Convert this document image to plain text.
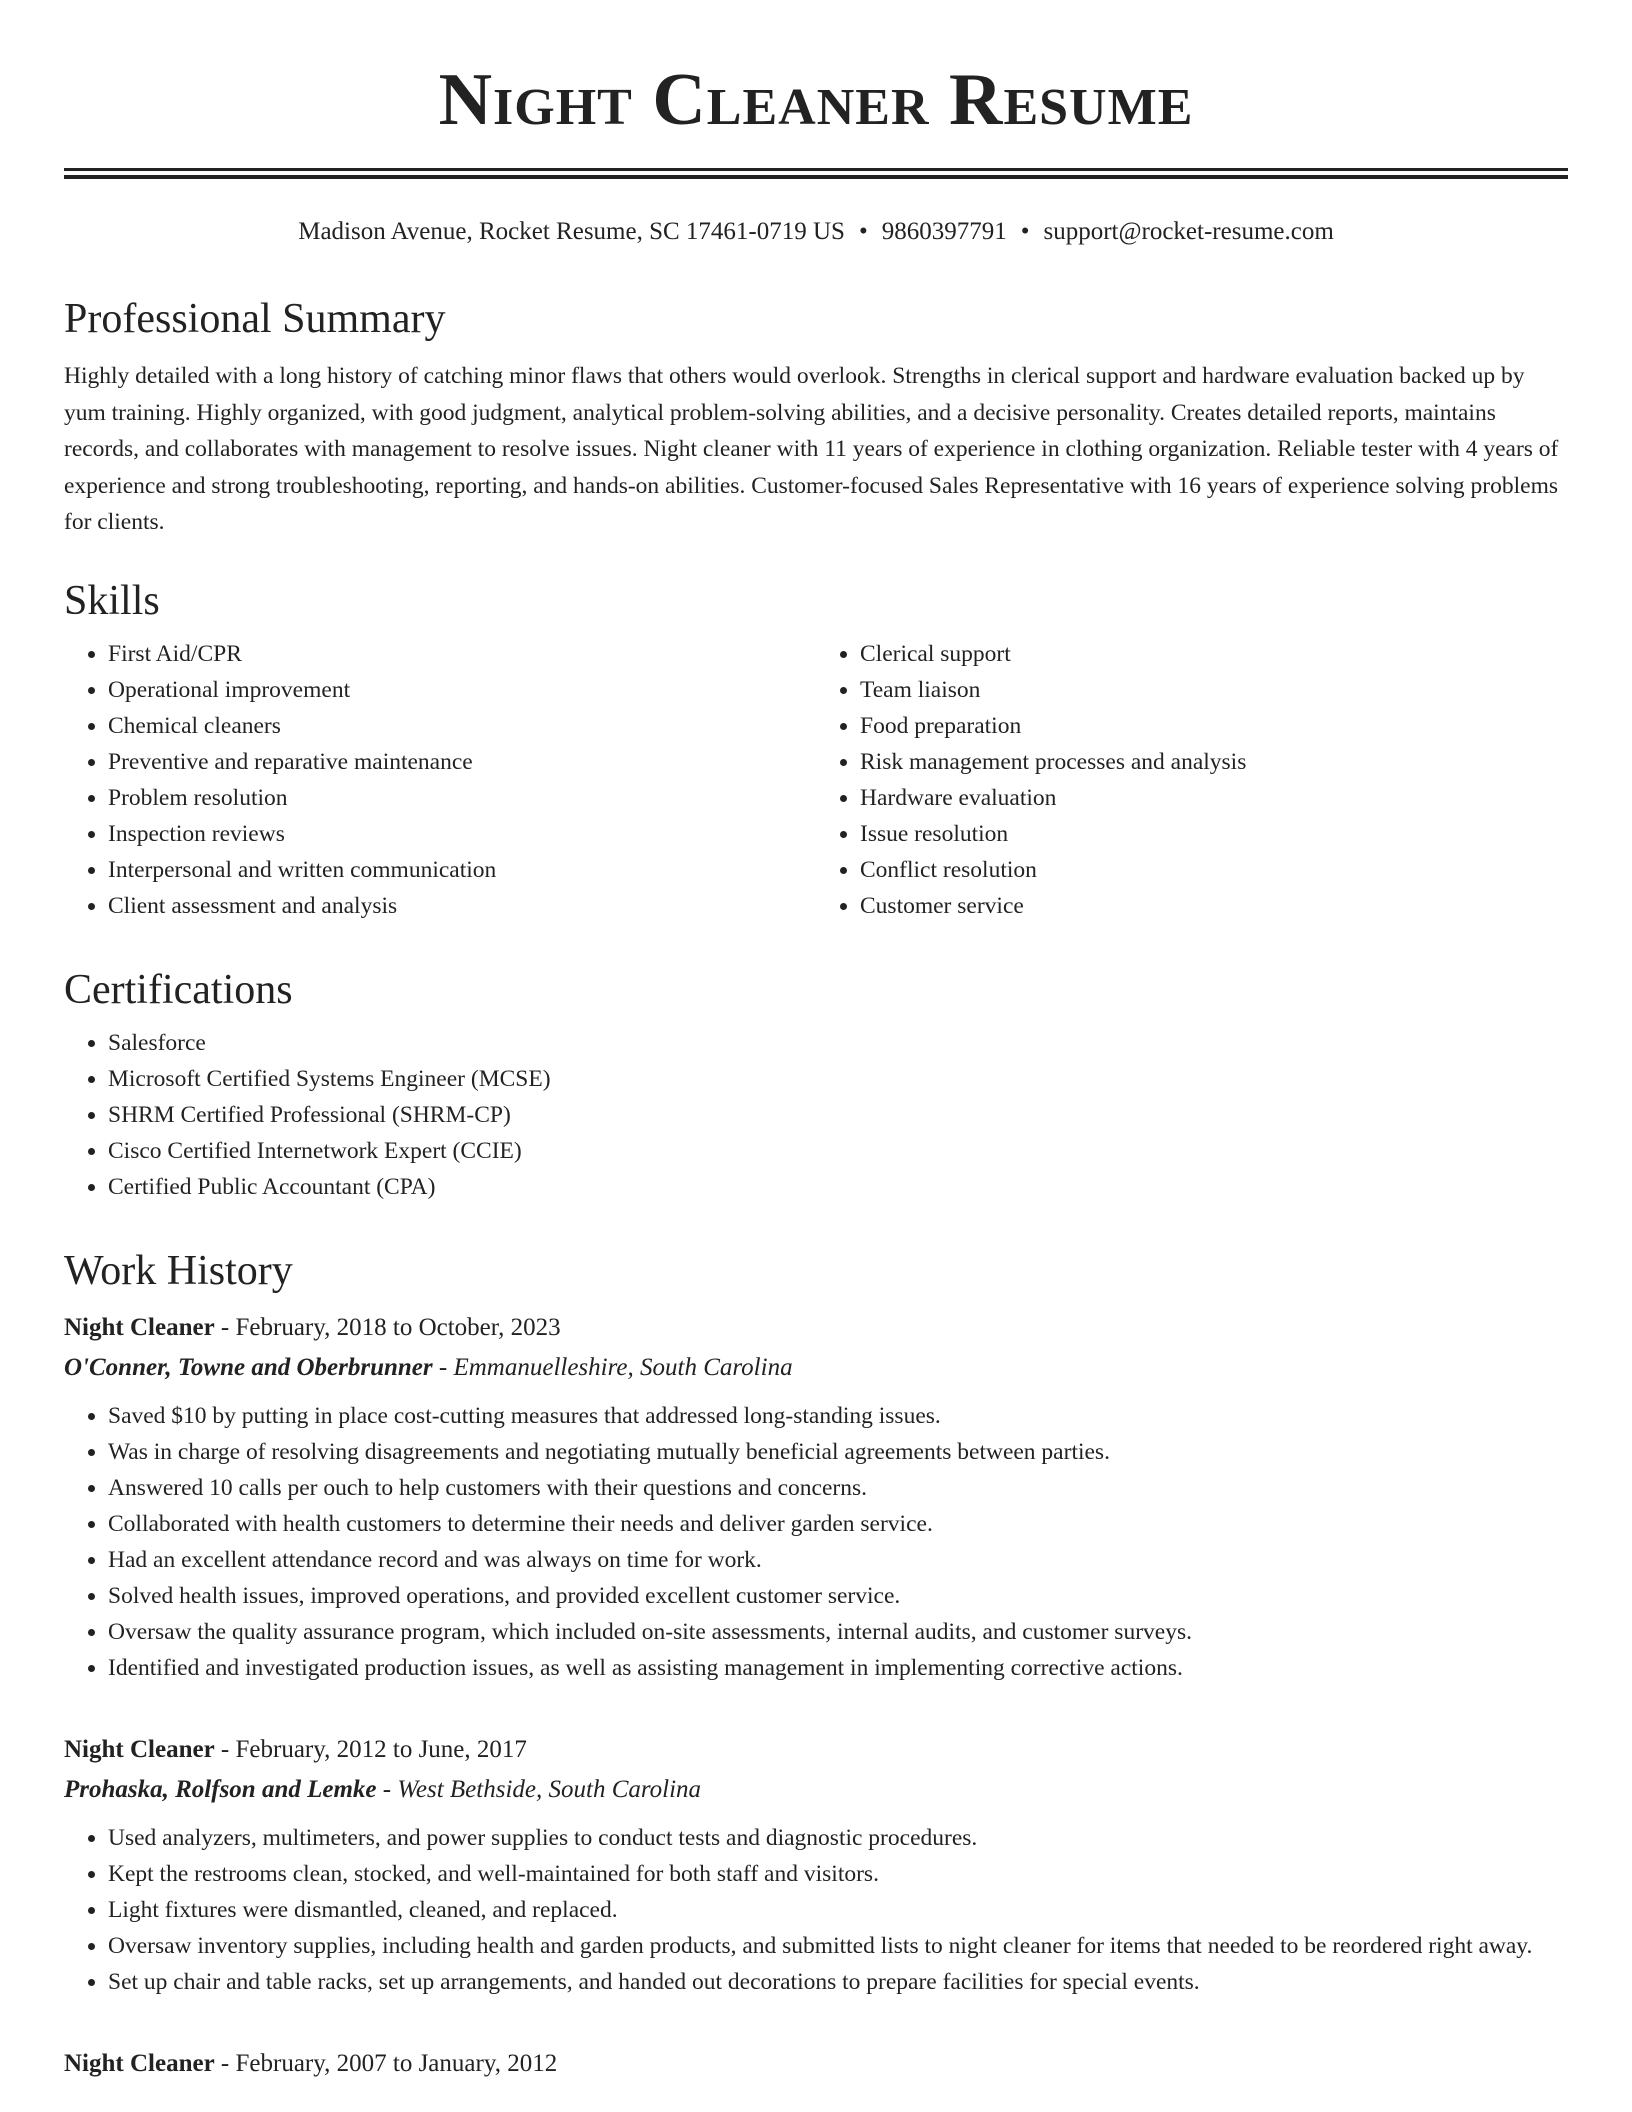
Night Cleaner Resume
Madison Avenue, Rocket Resume, SC 17461-0719 US • 9860397791 • support@rocket-resume.com
Professional Summary

Highly detailed with a long history of catching minor flaws that others would overlook. Strengths in clerical support and hardware evaluation backed up by yum training. Highly organized, with good judgment, analytical problem-solving abilities, and a decisive personality. Creates detailed reports, maintains records, and collaborates with management to resolve issues. Night cleaner with 11 years of experience in clothing organization. Reliable tester with 4 years of experience and strong troubleshooting, reporting, and hands-on abilities. Customer-focused Sales Representative with 16 years of experience solving problems for clients.

Skills
• First Aid/CPR
• Operational improvement
• Chemical cleaners
• Preventive and reparative maintenance
• Problem resolution
• Inspection reviews
• Interpersonal and written communication
• Client assessment and analysis
• Clerical support
• Team liaison
• Food preparation
• Risk management processes and analysis
• Hardware evaluation
• Issue resolution
• Conflict resolution
• Customer service
Certifications
• Salesforce
• Microsoft Certified Systems Engineer (MCSE)
• SHRM Certified Professional (SHRM-CP)
• Cisco Certified Internetwork Expert (CCIE)
• Certified Public Accountant (CPA)
Work History

Night Cleaner - February, 2018 to October, 2023

O'Conner, Towne and Oberbrunner - Emmanuelleshire, South Carolina

• Saved $10 by putting in place cost-cutting measures that addressed long-standing issues.
• Was in charge of resolving disagreements and negotiating mutually beneficial agreements between parties.
• Answered 10 calls per ouch to help customers with their questions and concerns.
• Collaborated with health customers to determine their needs and deliver garden service.
• Had an excellent attendance record and was always on time for work.
• Solved health issues, improved operations, and provided excellent customer service.
• Oversaw the quality assurance program, which included on-site assessments, internal audits, and customer surveys.
• Identified and investigated production issues, as well as assisting management in implementing corrective actions.

Night Cleaner - February, 2012 to June, 2017

Prohaska, Rolfson and Lemke - West Bethside, South Carolina

• Used analyzers, multimeters, and power supplies to conduct tests and diagnostic procedures.
• Kept the restrooms clean, stocked, and well-maintained for both staff and visitors.
• Light fixtures were dismantled, cleaned, and replaced.
• Oversaw inventory supplies, including health and garden products, and submitted lists to night cleaner for items that needed to be reordered right away.
• Set up chair and table racks, set up arrangements, and handed out decorations to prepare facilities for special events.

Night Cleaner - February, 2007 to January, 2012
